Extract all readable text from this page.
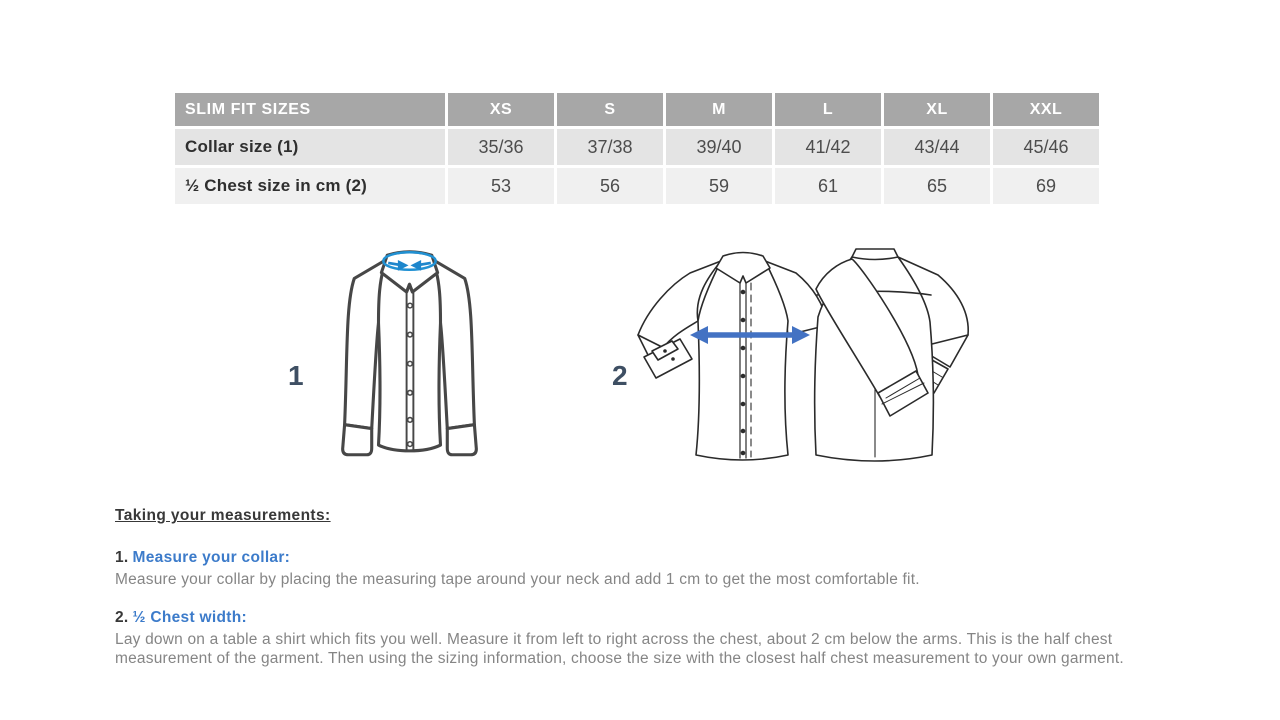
SLIM FIT SIZES	XS	S	M	L	XL	XXL
Collar size (1)	35/36	37/38	39/40	41/42	43/44	45/46
½ Chest size in cm (2)	53	56	59	61	65	69
1	2
Taking your measurements:
1. Measure your collar:
Measure your collar by placing the measuring tape around your neck and add 1 cm to get the most comfortable fit.
2. ½ Chest width:
Lay down on a table a shirt which fits you well. Measure it from left to right across the chest, about 2 cm below the arms. This is the half chest measurement of the garment. Then using the sizing information, choose the size with the closest half chest measurement to your own garment.
